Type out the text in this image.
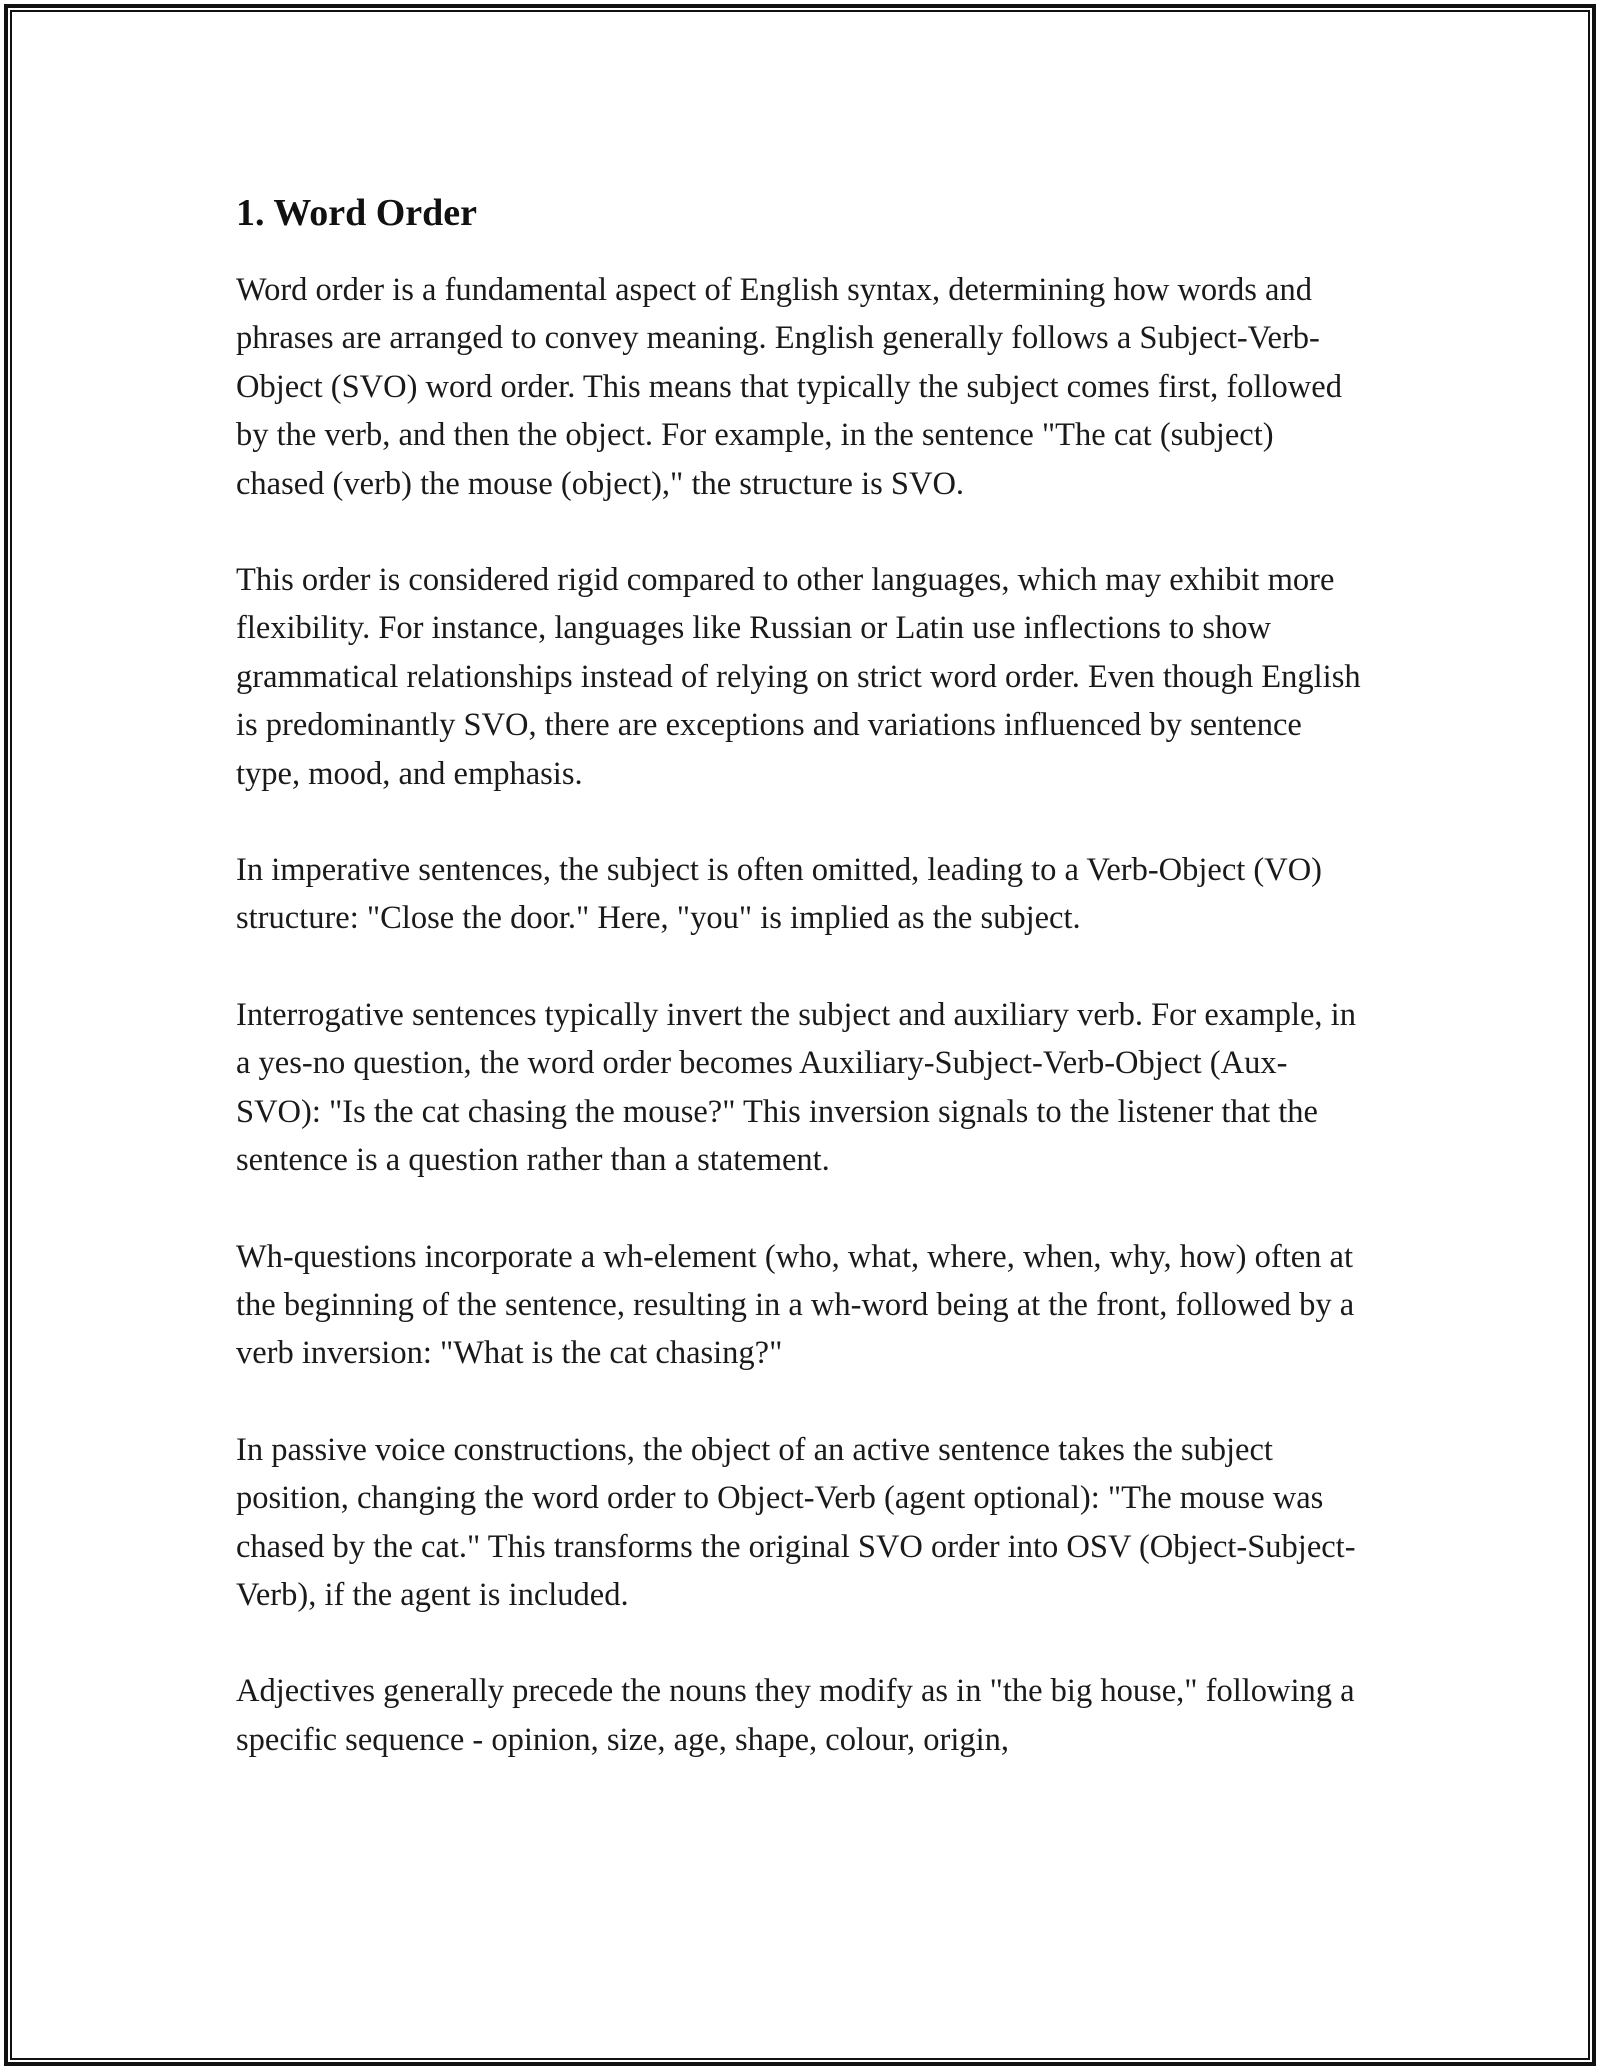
1. Word Order

Word order is a fundamental aspect of English syntax, determining how words and phrases are arranged to convey meaning. English generally follows a Subject-Verb-Object (SVO) word order. This means that typically the subject comes first, followed by the verb, and then the object. For example, in the sentence "The cat (subject) chased (verb) the mouse (object)," the structure is SVO.

This order is considered rigid compared to other languages, which may exhibit more flexibility. For instance, languages like Russian or Latin use inflections to show grammatical relationships instead of relying on strict word order. Even though English is predominantly SVO, there are exceptions and variations influenced by sentence type, mood, and emphasis.

In imperative sentences, the subject is often omitted, leading to a Verb-Object (VO) structure: "Close the door." Here, "you" is implied as the subject.

Interrogative sentences typically invert the subject and auxiliary verb. For example, in a yes-no question, the word order becomes Auxiliary-Subject-Verb-Object (Aux-SVO): "Is the cat chasing the mouse?" This inversion signals to the listener that the sentence is a question rather than a statement.

Wh-questions incorporate a wh-element (who, what, where, when, why, how) often at the beginning of the sentence, resulting in a wh-word being at the front, followed by a verb inversion: "What is the cat chasing?"

In passive voice constructions, the object of an active sentence takes the subject position, changing the word order to Object-Verb (agent optional): "The mouse was chased by the cat." This transforms the original SVO order into OSV (Object-Subject-Verb), if the agent is included.

Adjectives generally precede the nouns they modify as in "the big house," following a specific sequence - opinion, size, age, shape, colour, origin,
